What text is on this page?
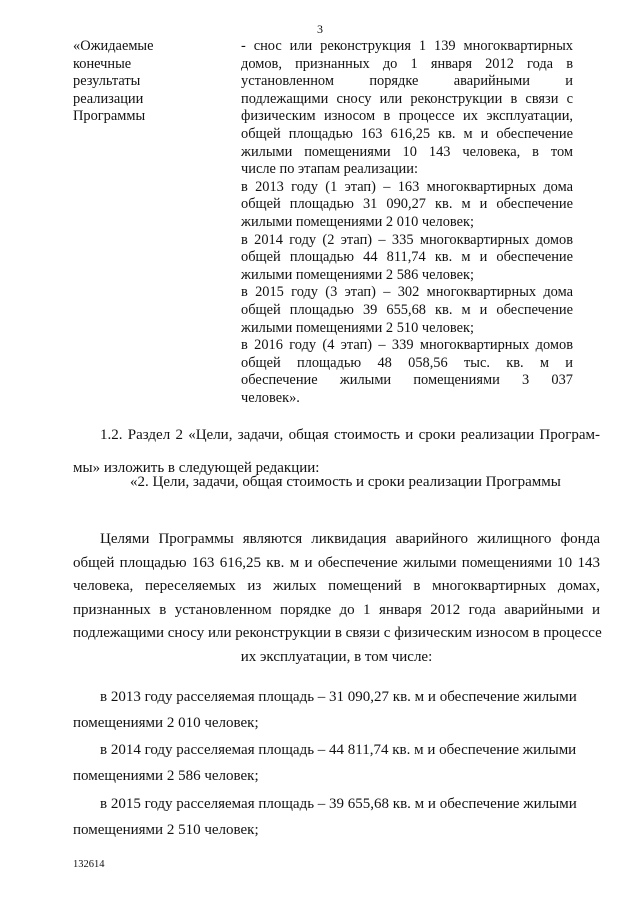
3
«Ожидаемые
конечные
результаты
реализации
Программы
- снос или реконструкция 1 139 многоквартирных
домов, признанных до 1 января 2012 года в
установленном порядке аварийными и
подлежащими сносу или реконструкции в связи с
физическим износом в процессе их эксплуатации,
общей площадью 163 616,25 кв. м и обеспечение
жилыми помещениями 10 143 человека, в том
числе по этапам реализации:
в 2013 году (1 этап) – 163 многоквартирных дома
общей площадью 31 090,27 кв. м и обеспечение
жилыми помещениями 2 010 человек;
в 2014 году (2 этап) – 335 многоквартирных домов
общей площадью 44 811,74 кв. м и обеспечение
жилыми помещениями 2 586 человек;
в 2015 году (3 этап) – 302 многоквартирных дома
общей площадью 39 655,68 кв. м и обеспечение
жилыми помещениями 2 510 человек;
в 2016 году (4 этап) – 339 многоквартирных домов
общей площадью 48 058,56 тыс. кв. м и
обеспечение жилыми помещениями 3 037
человек».
1.2. Раздел 2 «Цели, задачи, общая стоимость и сроки реализации Програм-
мы» изложить в следующей редакции:
«2. Цели, задачи, общая стоимость и сроки реализации Программы
Целями Программы являются ликвидация аварийного жилищного фонда
общей площадью 163 616,25 кв. м и обеспечение жилыми помещениями 10 143
человека, переселяемых из жилых помещений в многоквартирных домах,
признанных в установленном порядке до 1 января 2012 года аварийными и
подлежащими сносу или реконструкции в связи с физическим износом в процессе
их эксплуатации, в том числе:
в 2013 году расселяемая площадь – 31 090,27 кв. м и обеспечение жилыми
помещениями 2 010 человек;
в 2014 году расселяемая площадь – 44 811,74 кв. м и обеспечение жилыми
помещениями 2 586 человек;
в 2015 году расселяемая площадь – 39 655,68 кв. м и обеспечение жилыми
помещениями 2 510 человек;
132614
